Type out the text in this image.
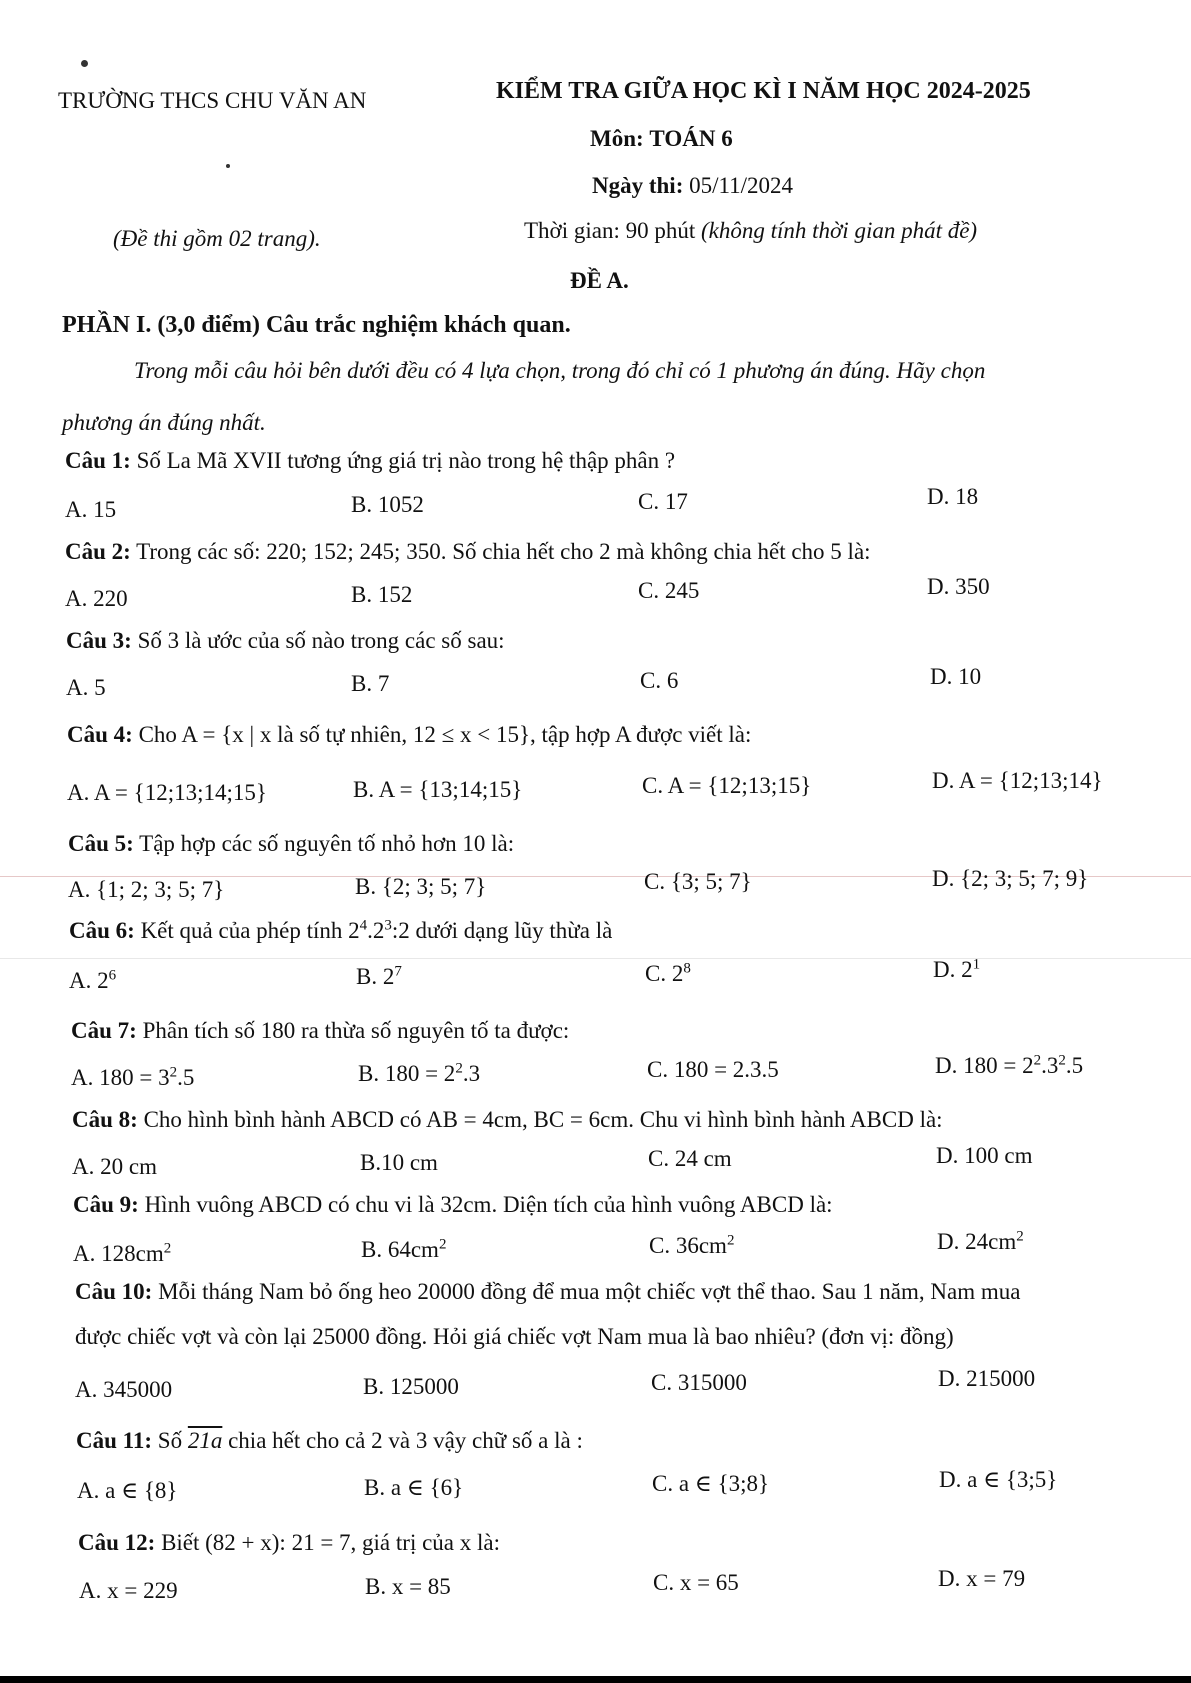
TRƯỜNG THCS CHU VĂN AN	KIỂM TRA GIỮA HỌC KÌ I NĂM HỌC 2024-2025
Môn: TOÁN 6
Ngày thi: 05/11/2024
(Đề thi gồm 02 trang).	Thời gian: 90 phút (không tính thời gian phát đề)
ĐỀ A.
PHẦN I. (3,0 điểm) Câu trắc nghiệm khách quan.
Trong mỗi câu hỏi bên dưới đều có 4 lựa chọn, trong đó chỉ có 1 phương án đúng. Hãy chọn
phương án đúng nhất.
Câu 1: Số La Mã XVII tương ứng giá trị nào trong hệ thập phân ?
A. 15	B. 1052	C. 17	D. 18
Câu 2: Trong các số: 220; 152; 245; 350. Số chia hết cho 2 mà không chia hết cho 5 là:
A. 220	B. 152	C. 245	D. 350
Câu 3: Số 3 là ước của số nào trong các số sau:
A. 5	B. 7	C. 6	D. 10
Câu 4: Cho A = {x | x là số tự nhiên, 12 ≤ x < 15}, tập hợp A được viết là:
A. A = {12;13;14;15}	B. A = {13;14;15}	C. A = {12;13;15}	D. A = {12;13;14}
Câu 5: Tập hợp các số nguyên tố nhỏ hơn 10 là:
A. {1; 2; 3; 5; 7}	B. {2; 3; 5; 7}	C. {3; 5; 7}	D. {2; 3; 5; 7; 9}
Câu 6: Kết quả của phép tính $2^4.2^3:2$ dưới dạng lũy thừa là
A. $2^6$	B. $2^7$	C. $2^8$	D. $2^1$
Câu 7: Phân tích số 180 ra thừa số nguyên tố ta được:
A. $180 = 3^2.5$	B. $180 = 2^2.3$	C. 180 = 2.3.5	D. $180 = 2^2.3^2.5$
Câu 8: Cho hình bình hành ABCD có AB = 4cm, BC = 6cm. Chu vi hình bình hành ABCD là:
A. 20 cm	B.10 cm	C. 24 cm	D. 100 cm
Câu 9: Hình vuông ABCD có chu vi là 32cm. Diện tích của hình vuông ABCD là:
A. $128cm^2$	B. $64cm^2$	C. $36cm^2$	D. $24cm^2$
Câu 10: Mỗi tháng Nam bỏ ống heo 20000 đồng để mua một chiếc vợt thể thao. Sau 1 năm, Nam mua
được chiếc vợt và còn lại 25000 đồng. Hỏi giá chiếc vợt Nam mua là bao nhiêu? (đơn vị: đồng)
A. 345000	B. 125000	C. 315000	D. 215000
Câu 11: Số 21a chia hết cho cả 2 và 3 vậy chữ số a là :
A. a ∈ {8}	B. a ∈ {6}	C. a ∈ {3;8}	D. a ∈ {3;5}
Câu 12: Biết (82 + x): 21 = 7, giá trị của x là:
A. x = 229	B. x = 85	C. x = 65	D. x = 79
